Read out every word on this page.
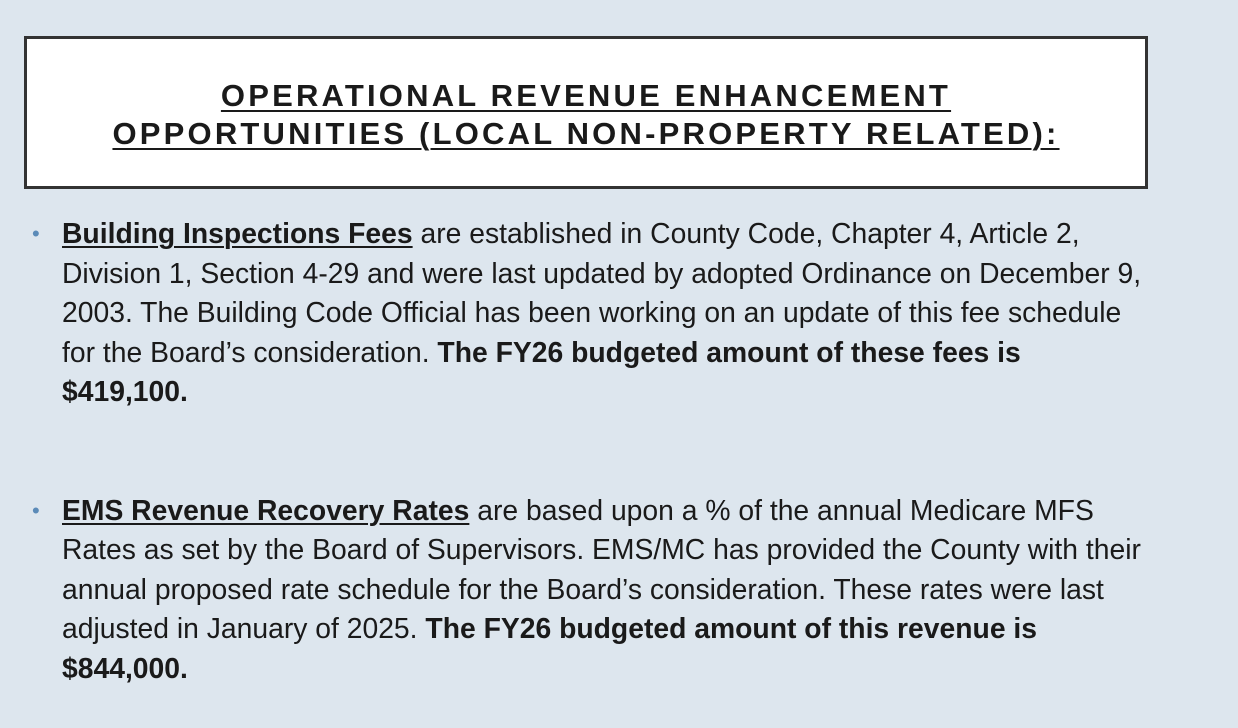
OPERATIONAL REVENUE ENHANCEMENT
OPPORTUNITIES (LOCAL NON-PROPERTY RELATED):
• Building Inspections Fees are established in County Code, Chapter 4, Article 2, Division 1, Section 4-29 and were last updated by adopted Ordinance on December 9, 2003. The Building Code Official has been working on an update of this fee schedule for the Board’s consideration. The FY26 budgeted amount of these fees is $419,100.
• EMS Revenue Recovery Rates are based upon a % of the annual Medicare MFS Rates as set by the Board of Supervisors. EMS/MC has provided the County with their annual proposed rate schedule for the Board’s consideration. These rates were last adjusted in January of 2025. The FY26 budgeted amount of this revenue is $844,000.
